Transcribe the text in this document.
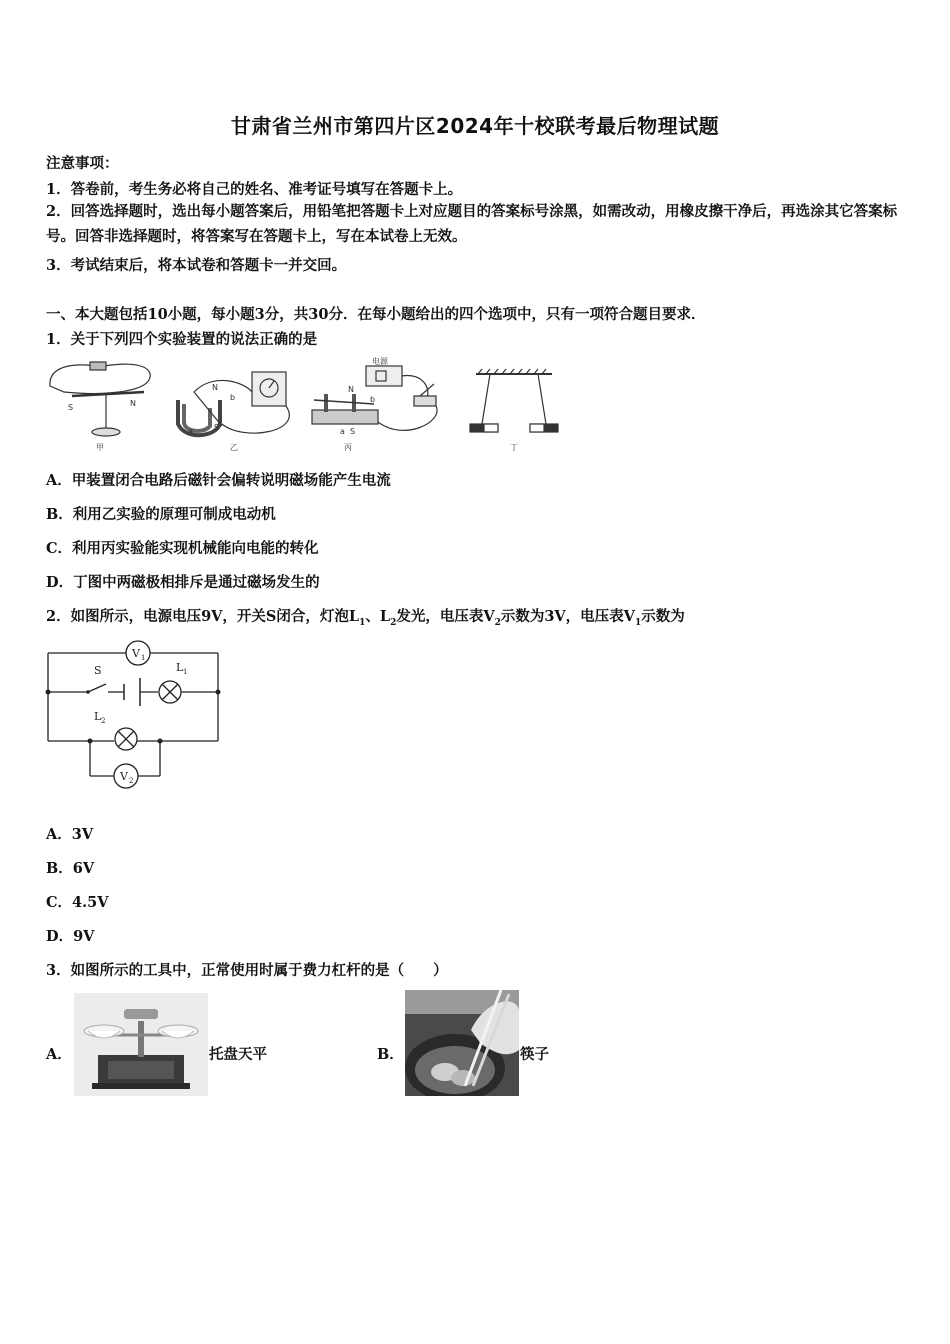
甘肃省兰州市第四片区2024年十校联考最后物理试题
注意事项：
1．答卷前，考生务必将自己的姓名、准考证号填写在答题卡上。
2．回答选择题时，选出每小题答案后，用铅笔把答题卡上对应题目的答案标号涂黑，如需改动，用橡皮擦干净后，再选涂其它答案标号。回答非选择题时，将答案写在答题卡上，写在本试卷上无效。
3．考试结束后，将本试卷和答题卡一并交回。
一、本大题包括10小题，每小题3分，共30分．在每小题给出的四个选项中，只有一项符合题目要求．
1．关于下列四个实验装置的说法正确的是
S	N
甲
N
S
a
b
乙
N
S
a
b
电源
丙	丁
A．甲装置闭合电路后磁针会偏转说明磁场能产生电流
B．利用乙实验的原理可制成电动机
C．利用丙实验能实现机械能向电能的转化
D．丁图中两磁极相排斥是通过磁场发生的
2．如图所示，电源电压9V，开关S闭合，灯泡$L_1$、$L_2$发光，电压表$V_2$示数为3V，电压表$V_1$示数为
V 1
V 2
S	L 1
L 2
A．3V
B．6V
C．4.5V
D．9V
3．如图所示的工具中，正常使用时属于费力杠杆的是（　　）
A．	托盘天平	B．	筷子
